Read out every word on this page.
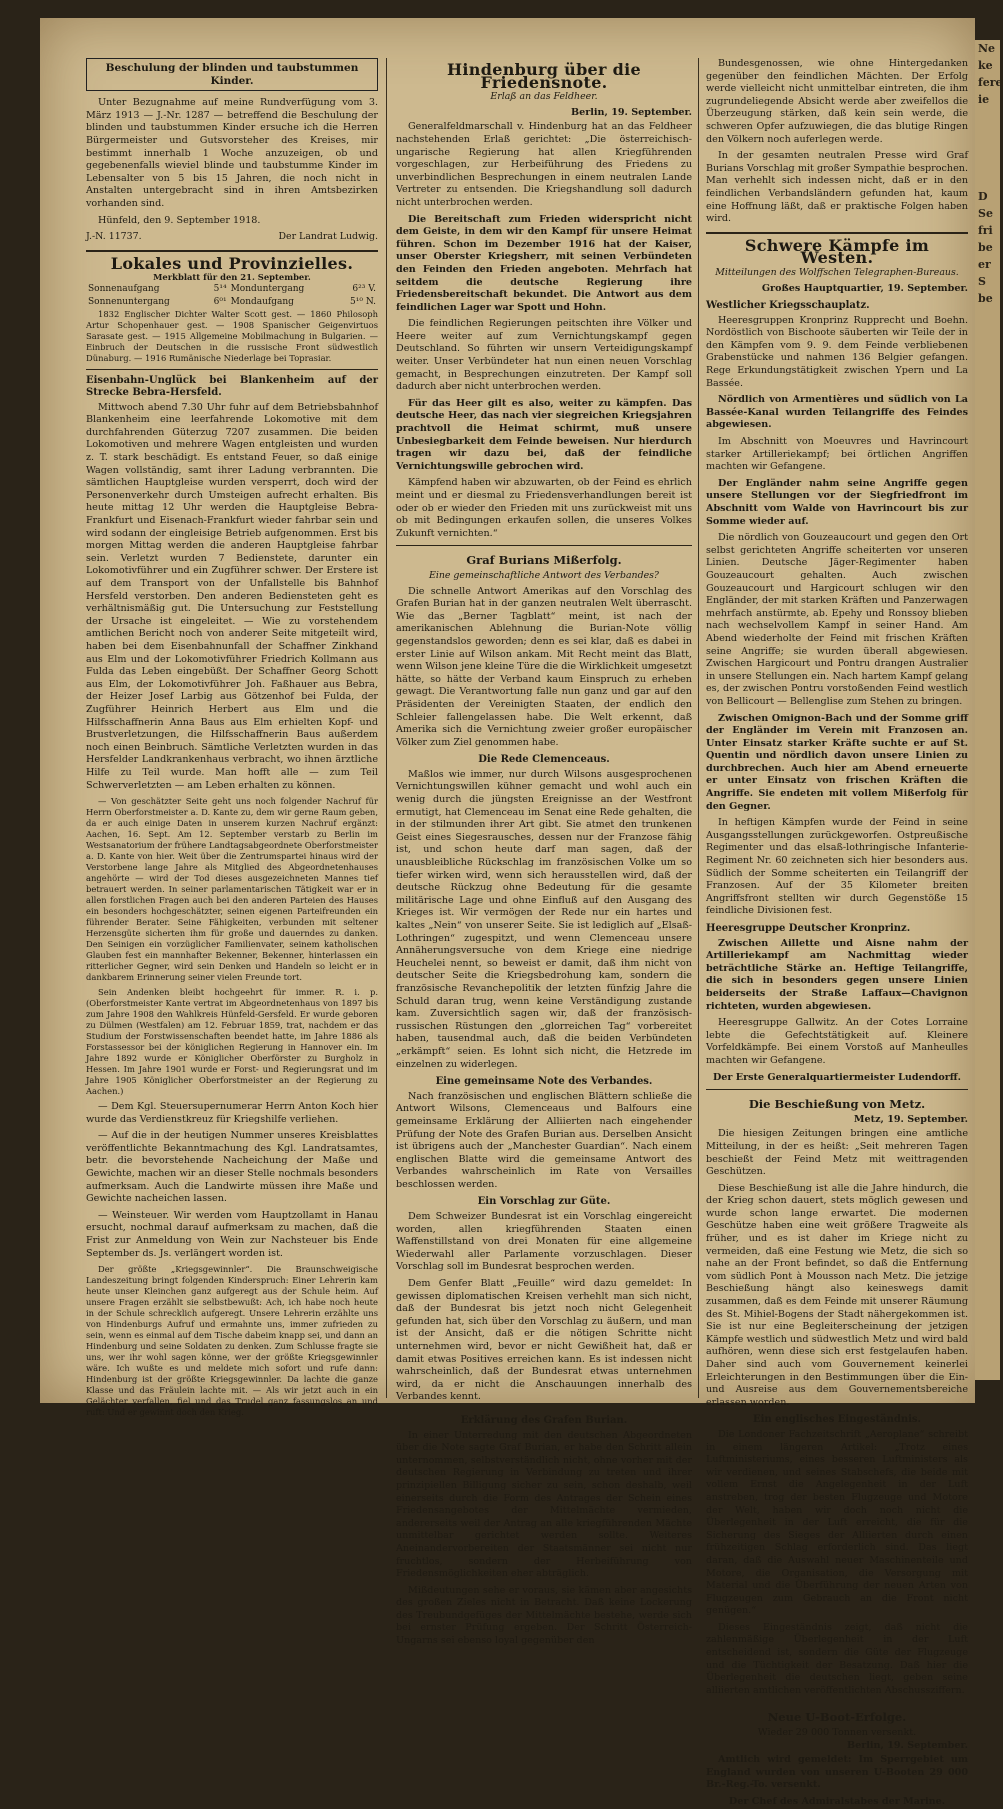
Beschulung der blinden und taubstummen Kinder.

Unter Bezugnahme auf meine Rundverfügung vom 3. März 1913 — J.-Nr. 1287 — betreffend die Beschulung der blinden und taubstummen Kinder ersuche ich die Herren Bürgermeister und Gutsvorsteher des Kreises, mir bestimmt innerhalb 1 Woche anzuzeigen, ob und gegebenenfalls wieviel blinde und taubstumme Kinder im Lebensalter von 5 bis 15 Jahren, die noch nicht in Anstalten untergebracht sind in ihren Amtsbezirken vorhanden sind.

Hünfeld, den 9. September 1918.

J.-N. 11737.	Der Landrat Ludwig.
Lokales und Provinzielles.
Merkblatt für den 21. September.
Sonnenaufgang	5¹⁴	Monduntergang	6²³ V.
Sonnenuntergang	6⁰¹	Mondaufgang	5¹⁰ N.

1832 Englischer Dichter Walter Scott gest. — 1860 Philosoph Artur Schopenhauer gest. — 1908 Spanischer Geigenvirtuos Sarasate gest. — 1915 Allgemeine Mobilmachung in Bulgarien. — Einbruch der Deutschen in die russische Front südwestlich Dünaburg. — 1916 Rumänische Niederlage bei Toprasiar.

Eisenbahn-Unglück bei Blankenheim auf der Strecke Bebra-Hersfeld.

Mittwoch abend 7.30 Uhr fuhr auf dem Betriebsbahnhof Blankenheim eine leerfahrende Lokomotive mit dem durchfahrenden Güterzug 7207 zusammen. Die beiden Lokomotiven und mehrere Wagen entgleisten und wurden z. T. stark beschädigt. Es entstand Feuer, so daß einige Wagen vollständig, samt ihrer Ladung verbrannten. Die sämtlichen Hauptgleise wurden versperrt, doch wird der Personenverkehr durch Umsteigen aufrecht erhalten. Bis heute mittag 12 Uhr werden die Hauptgleise Bebra-Frankfurt und Eisenach-Frankfurt wieder fahrbar sein und wird sodann der eingleisige Betrieb aufgenommen. Erst bis morgen Mittag werden die anderen Hauptgleise fahrbar sein. Verletzt wurden 7 Bedienstete, darunter ein Lokomotivführer und ein Zugführer schwer. Der Erstere ist auf dem Transport von der Unfallstelle bis Bahnhof Hersfeld verstorben. Den anderen Bediensteten geht es verhältnismäßig gut. Die Untersuchung zur Feststellung der Ursache ist eingeleitet. — Wie zu vorstehendem amtlichen Bericht noch von anderer Seite mitgeteilt wird, haben bei dem Eisenbahnunfall der Schaffner Zinkhand aus Elm und der Lokomotivführer Friedrich Kollmann aus Fulda das Leben eingebüßt. Der Schaffner Georg Schott aus Elm, der Lokomotivführer Joh. Faßhauer aus Bebra, der Heizer Josef Larbig aus Götzenhof bei Fulda, der Zugführer Heinrich Herbert aus Elm und die Hilfsschaffnerin Anna Baus aus Elm erhielten Kopf- und Brustverletzungen, die Hilfsschaffnerin Baus außerdem noch einen Beinbruch. Sämtliche Verletzten wurden in das Hersfelder Landkrankenhaus verbracht, wo ihnen ärztliche Hilfe zu Teil wurde. Man hofft alle — zum Teil Schwerverletzten — am Leben erhalten zu können.

— Von geschätzter Seite geht uns noch folgender Nachruf für Herrn Oberforstmeister a. D. Kante zu, dem wir gerne Raum geben, da er auch einige Daten in unserem kurzen Nachruf ergänzt: Aachen, 16. Sept. Am 12. September verstarb zu Berlin im Westsanatorium der frühere Landtagsabgeordnete Oberforstmeister a. D. Kante von hier. Weit über die Zentrumspartei hinaus wird der Verstorbene lange Jahre als Mitglied des Abgeordnetenhauses angehörte — wird der Tod dieses ausgezeichneten Mannes tief betrauert werden. In seiner parlamentarischen Tätigkeit war er in allen forstlichen Fragen auch bei den anderen Parteien des Hauses ein besonders hochgeschätzter, seinen eigenen Parteifreunden ein führender Berater. Seine Fähigkeiten, verbunden mit seltener Herzensgüte sicherten ihm für große und dauerndes zu danken. Den Seinigen ein vorzüglicher Familienvater, seinem katholischen Glauben fest ein mannhafter Bekenner, Bekenner, hinterlassen ein ritterlicher Gegner, wird sein Denken und Handeln so leicht er in dankbarem Erinnerung seiner vielen Freunde tort.

Sein Andenken bleibt hochgeehrt für immer. R. i. p. (Oberforstmeister Kante vertrat im Abgeordnetenhaus von 1897 bis zum Jahre 1908 den Wahlkreis Hünfeld-Gersfeld. Er wurde geboren zu Dülmen (Westfalen) am 12. Februar 1859, trat, nachdem er das Studium der Forstwissenschaften beendet hatte, im Jahre 1886 als Forstassessor bei der königlichen Regierung in Hannover ein. Im Jahre 1892 wurde er Königlicher Oberförster zu Burgholz in Hessen. Im Jahre 1901 wurde er Forst- und Regierungsrat und im Jahre 1905 Königlicher Oberforstmeister an der Regierung zu Aachen.)

— Dem Kgl. Steuersupernumerar Herrn Anton Koch hier wurde das Verdienstkreuz für Kriegshilfe verliehen.

— Auf die in der heutigen Nummer unseres Kreisblattes veröffentlichte Bekanntmachung des Kgl. Landratsamtes, betr. die bevorstehende Nacheichung der Maße und Gewichte, machen wir an dieser Stelle nochmals besonders aufmerksam. Auch die Landwirte müssen ihre Maße und Gewichte nacheichen lassen.

— Weinsteuer. Wir werden vom Hauptzollamt in Hanau ersucht, nochmal darauf aufmerksam zu machen, daß die Frist zur Anmeldung von Wein zur Nachsteuer bis Ende September ds. Js. verlängert worden ist.

Der größte „Kriegsgewinnler“. Die Braunschweigische Landeszeitung bringt folgenden Kinderspruch: Einer Lehrerin kam heute unser Kleinchen ganz aufgeregt aus der Schule heim. Auf unsere Fragen erzählt sie selbstbewußt: Ach, ich habe noch heute in der Schule schrecklich aufgeregt. Unsere Lehrerin erzählte uns von Hindenburgs Aufruf und ermahnte uns, immer zufrieden zu sein, wenn es einmal auf dem Tische dabeim knapp sei, und dann an Hindenburg und seine Soldaten zu denken. Zum Schlusse fragte sie uns, wer ihr wohl sagen könne, wer der größte Kriegsgewinnler wäre. Ich wußte es und meldete mich sofort und rufe dann: Hindenburg ist der größte Kriegsgewinnler. Da lachte die ganze Klasse und das Fräulein lachte mit. — Als wir jetzt auch in ein Gelächter verfallen, fiel und das Trudel ganz fassungslos an und ruft: Und er gewinnt doch den Krieg.

Hindenburg über die Friedensnote.
Erlaß an das Feldheer.
Berlin, 19. September.

Generalfeldmarschall v. Hindenburg hat an das Feldheer nachstehenden Erlaß gerichtet: „Die österreichisch-ungarische Regierung hat allen Kriegführenden vorgeschlagen, zur Herbeiführung des Friedens zu unverbindlichen Besprechungen in einem neutralen Lande Vertreter zu entsenden. Die Kriegshandlung soll dadurch nicht unterbrochen werden.

Die Bereitschaft zum Frieden widerspricht nicht dem Geiste, in dem wir den Kampf für unsere Heimat führen. Schon im Dezember 1916 hat der Kaiser, unser Oberster Kriegsherr, mit seinen Verbündeten den Feinden den Frieden angeboten. Mehrfach hat seitdem die deutsche Regierung ihre Friedensbereitschaft bekundet. Die Antwort aus dem feindlichen Lager war Spott und Hohn.

Die feindlichen Regierungen peitschten ihre Völker und Heere weiter auf zum Vernichtungskampf gegen Deutschland. So führten wir unsern Verteidigungskampf weiter. Unser Verbündeter hat nun einen neuen Vorschlag gemacht, in Besprechungen einzutreten. Der Kampf soll dadurch aber nicht unterbrochen werden.

Für das Heer gilt es also, weiter zu kämpfen. Das deutsche Heer, das nach vier siegreichen Kriegsjahren prachtvoll die Heimat schirmt, muß unsere Unbesiegbarkeit dem Feinde beweisen. Nur hierdurch tragen wir dazu bei, daß der feindliche Vernichtungswille gebrochen wird.

Kämpfend haben wir abzuwarten, ob der Feind es ehrlich meint und er diesmal zu Friedensverhandlungen bereit ist oder ob er wieder den Frieden mit uns zurückweist mit uns ob mit Bedingungen erkaufen sollen, die unseres Volkes Zukunft vernichten.“

Graf Burians Mißerfolg.
Eine gemeinschaftliche Antwort des Verbandes?

Die schnelle Antwort Amerikas auf den Vorschlag des Grafen Burian hat in der ganzen neutralen Welt überrascht. Wie das „Berner Tagblatt“ meint, ist nach der amerikanischen Ablehnung die Burian-Note völlig gegenstandslos geworden; denn es sei klar, daß es dabei in erster Linie auf Wilson ankam. Mit Recht meint das Blatt, wenn Wilson jene kleine Türe die die Wirklichkeit umgesetzt hätte, so hätte der Verband kaum Einspruch zu erheben gewagt. Die Verantwortung falle nun ganz und gar auf den Präsidenten der Vereinigten Staaten, der endlich den Schleier fallengelassen habe. Die Welt erkennt, daß Amerika sich die Vernichtung zweier großer europäischer Völker zum Ziel genommen habe.

Die Rede Clemenceaus.

Maßlos wie immer, nur durch Wilsons ausgesprochenen Vernichtungswillen kühner gemacht und wohl auch ein wenig durch die jüngsten Ereignisse an der Westfront ermutigt, hat Clemenceau im Senat eine Rede gehalten, die in der stilmunden ihrer Art gibt. Sie atmet den trunkenen Geist eines Siegesrausches, dessen nur der Franzose fähig ist, und schon heute darf man sagen, daß der unausbleibliche Rückschlag im französischen Volke um so tiefer wirken wird, wenn sich herausstellen wird, daß der deutsche Rückzug ohne Bedeutung für die gesamte militärische Lage und ohne Einfluß auf den Ausgang des Krieges ist. Wir vermögen der Rede nur ein hartes und kaltes „Nein“ von unserer Seite. Sie ist lediglich auf „Elsaß-Lothringen“ zugespitzt, und wenn Clemenceau unsere Annäherungsversuche von dem Kriege eine niedrige Heuchelei nennt, so beweist er damit, daß ihm nicht von deutscher Seite die Kriegsbedrohung kam, sondern die französische Revanchepolitik der letzten fünfzig Jahre die Schuld daran trug, wenn keine Verständigung zustande kam. Zuversichtlich sagen wir, daß der französisch-russischen Rüstungen den „glorreichen Tag“ vorbereitet haben, tausendmal auch, daß die beiden Verbündeten „erkämpft“ seien. Es lohnt sich nicht, die Hetzrede im einzelnen zu widerlegen.

Eine gemeinsame Note des Verbandes.

Nach französischen und englischen Blättern schließe die Antwort Wilsons, Clemenceaus und Balfours eine gemeinsame Erklärung der Alliierten nach eingehender Prüfung der Note des Grafen Burian aus. Derselben Ansicht ist übrigens auch der „Manchester Guardian“. Nach einem englischen Blatte wird die gemeinsame Antwort des Verbandes wahrscheinlich im Rate von Versailles beschlossen werden.

Ein Vorschlag zur Güte.

Dem Schweizer Bundesrat ist ein Vorschlag eingereicht worden, allen kriegführenden Staaten einen Waffenstillstand von drei Monaten für eine allgemeine Wiederwahl aller Parlamente vorzuschlagen. Dieser Vorschlag soll im Bundesrat besprochen werden.

Dem Genfer Blatt „Feuille“ wird dazu gemeldet: In gewissen diplomatischen Kreisen verhehlt man sich nicht, daß der Bundesrat bis jetzt noch nicht Gelegenheit gefunden hat, sich über den Vorschlag zu äußern, und man ist der Ansicht, daß er die nötigen Schritte nicht unternehmen wird, bevor er nicht Gewißheit hat, daß er damit etwas Positives erreichen kann. Es ist indessen nicht wahrscheinlich, daß der Bundesrat etwas unternehmen wird, da er nicht die Anschauungen innerhalb des Verbandes kennt.

Erklärung des Grafen Burian.

In einer Unterredung mit den deutschen Abgeordneten über die Note sagte Graf Burian, er habe den Schritt allein unternommen, selbstverständlich nicht, ohne vorher mit der deutschen Regierung in Verbindung zu treten und ihrer prinzipiellen Billigung sicher zu sein, schon deshalb, weil einerseits durch die Form des Antrages der Schein eines Friedensangebotes der Mittelmächte vermieden, andererseits weil der Antrag an alle kriegführenden Mächte unmittelbar gerichtet werden sollte. Weiteres Aneinandervorbereiten der Staatsmänner sei nicht nur fruchtlos, sondern der Herbeiführung von Friedensmöglichkeiten eher abträglich.

Mißdeutungen sehe er voraus, sie kämen aber angesichts des großen Zieles nicht in Betracht. Daß keine Lockerung des Treubundgefüges der Mittelmächte bestehe, werde sich bei ernster Prüfung ergeben. Der Schritt Österreich-Ungarns sei ebenso loyal gegenüber den

Bundesgenossen, wie ohne Hintergedanken gegenüber den feindlichen Mächten. Der Erfolg werde vielleicht nicht unmittelbar eintreten, die ihm zugrundeliegende Absicht werde aber zweifellos die Überzeugung stärken, daß kein sein werde, die schweren Opfer aufzuwiegen, die das blutige Ringen den Völkern noch auferlegen werde.

In der gesamten neutralen Presse wird Graf Burians Vorschlag mit großer Sympathie besprochen. Man verhehlt sich indessen nicht, daß er in den feindlichen Verbandsländern gefunden hat, kaum eine Hoffnung läßt, daß er praktische Folgen haben wird.

Schwere Kämpfe im Westen.
Mitteilungen des Wolffschen Telegraphen-Bureaus.
Großes Hauptquartier, 19. September.
Westlicher Kriegsschauplatz.

Heeresgruppen Kronprinz Rupprecht und Boehn. Nordöstlich von Bischoote säuberten wir Teile der in den Kämpfen vom 9. 9. dem Feinde verbliebenen Grabenstücke und nahmen 136 Belgier gefangen. Rege Erkundungstätigkeit zwischen Ypern und La Bassée.

Nördlich von Armentières und südlich von La Bassée-Kanal wurden Teilangriffe des Feindes abgewiesen.

Im Abschnitt von Moeuvres und Havrincourt starker Artilleriekampf; bei örtlichen Angriffen machten wir Gefangene.

Der Engländer nahm seine Angriffe gegen unsere Stellungen vor der Siegfriedfront im Abschnitt vom Walde von Havrincourt bis zur Somme wieder auf.

Die nördlich von Gouzeaucourt und gegen den Ort selbst gerichteten Angriffe scheiterten vor unseren Linien. Deutsche Jäger-Regimenter haben Gouzeaucourt gehalten. Auch zwischen Gouzeaucourt und Hargicourt schlugen wir den Engländer, der mit starken Kräften und Panzerwagen mehrfach anstürmte, ab. Epehy und Ronssoy blieben nach wechselvollem Kampf in seiner Hand. Am Abend wiederholte der Feind mit frischen Kräften seine Angriffe; sie wurden überall abgewiesen. Zwischen Hargicourt und Pontru drangen Australier in unsere Stellungen ein. Nach hartem Kampf gelang es, der zwischen Pontru vorstoßenden Feind westlich von Bellicourt — Bellenglise zum Stehen zu bringen.

Zwischen Omignon-Bach und der Somme griff der Engländer im Verein mit Franzosen an. Unter Einsatz starker Kräfte suchte er auf St. Quentin und nördlich davon unsere Linien zu durchbrechen. Auch hier am Abend erneuerte er unter Einsatz von frischen Kräften die Angriffe. Sie endeten mit vollem Mißerfolg für den Gegner.

In heftigen Kämpfen wurde der Feind in seine Ausgangsstellungen zurückgeworfen. Ostpreußische Regimenter und das elsaß-lothringische Infanterie-Regiment Nr. 60 zeichneten sich hier besonders aus. Südlich der Somme scheiterten ein Teilangriff der Franzosen. Auf der 35 Kilometer breiten Angriffsfront stellten wir durch Gegenstöße 15 feindliche Divisionen fest.

Heeresgruppe Deutscher Kronprinz.

Zwischen Aillette und Aisne nahm der Artilleriekampf am Nachmittag wieder beträchtliche Stärke an. Heftige Teilangriffe, die sich in besonders gegen unsere Linien beiderseits der Straße Laffaux—Chavignon richteten, wurden abgewiesen.

Heeresgruppe Gallwitz. An der Cotes Lorraine lebte die Gefechtstätigkeit auf. Kleinere Vorfeldkämpfe. Bei einem Vorstoß auf Manheulles machten wir Gefangene.

Der Erste Generalquartiermeister Ludendorff.
Die Beschießung von Metz.
Metz, 19. September.

Die hiesigen Zeitungen bringen eine amtliche Mitteilung, in der es heißt: „Seit mehreren Tagen beschießt der Feind Metz mit weittragenden Geschützen.

Diese Beschießung ist alle die Jahre hindurch, die der Krieg schon dauert, stets möglich gewesen und wurde schon lange erwartet. Die modernen Geschütze haben eine weit größere Tragweite als früher, und es ist daher im Kriege nicht zu vermeiden, daß eine Festung wie Metz, die sich so nahe an der Front befindet, so daß die Entfernung vom südlich Pont à Mousson nach Metz. Die jetzige Beschießung hängt also keineswegs damit zusammen, daß es dem Feinde mit unserer Räumung des St. Mihiel-Bogens der Stadt nähergekommen ist. Sie ist nur eine Begleiterscheinung der jetzigen Kämpfe westlich und südwestlich Metz und wird bald aufhören, wenn diese sich erst festgelaufen haben. Daher sind auch vom Gouvernement keinerlei Erleichterungen in den Bestimmungen über die Ein- und Ausreise aus dem Gouvernementsbereiche erlassen worden.

Ein englisches Eingeständnis.

Die Londoner Fachzeitschrift „Aeroplane“ schreibt in einem längeren Artikel: „Trotz eines Luftministeriums, eines besseren Luftministers als wir verdienen, und seines Stabschefs, die beide mit vollem Ernst die Angelegenheit in der Luft anstreben, trog der besten Flugzeuge und Motore der Welt, haben wir doch noch nicht die Überlegenheit in der Luft erreicht, die für die Sicherung des Sieges der Alliierten durch einen frühzeitigen Schlag erforderlich sind. Das liegt daran, daß die Auswahl neuer Maschinenteile und Motore, die Organisation, die Versorgung mit Material und die Überführung der neuen Arten von Flugzeugen zum Gebrauch an die Front nicht genügen.“

Dieses Eingeständnis zeigt, daß nicht die zahlenmäßige Überlegenheit in der Luft entscheidend ist, sondern die Güte der Flugzeuge und die Tüchtigkeit der Besatzung. Daß hier die Überlegenheit die deutschen liegt, geben seine alliierten amtlichen veröffentlichten Abschussziffern.

Neue U-Boot-Erfolge.
Wieder 29 000 Tonnen versenkt.
Berlin, 19. September.

Amtlich wird gemeldet: Im Sperrgebiet um England wurden von unseren U-Booten 29 000 Br.-Reg.-To. versenkt.

Der Chef des Admiralstabes der Marine.
Ne
ke
fere
ie
D
Se
fri
be
er
S
be
